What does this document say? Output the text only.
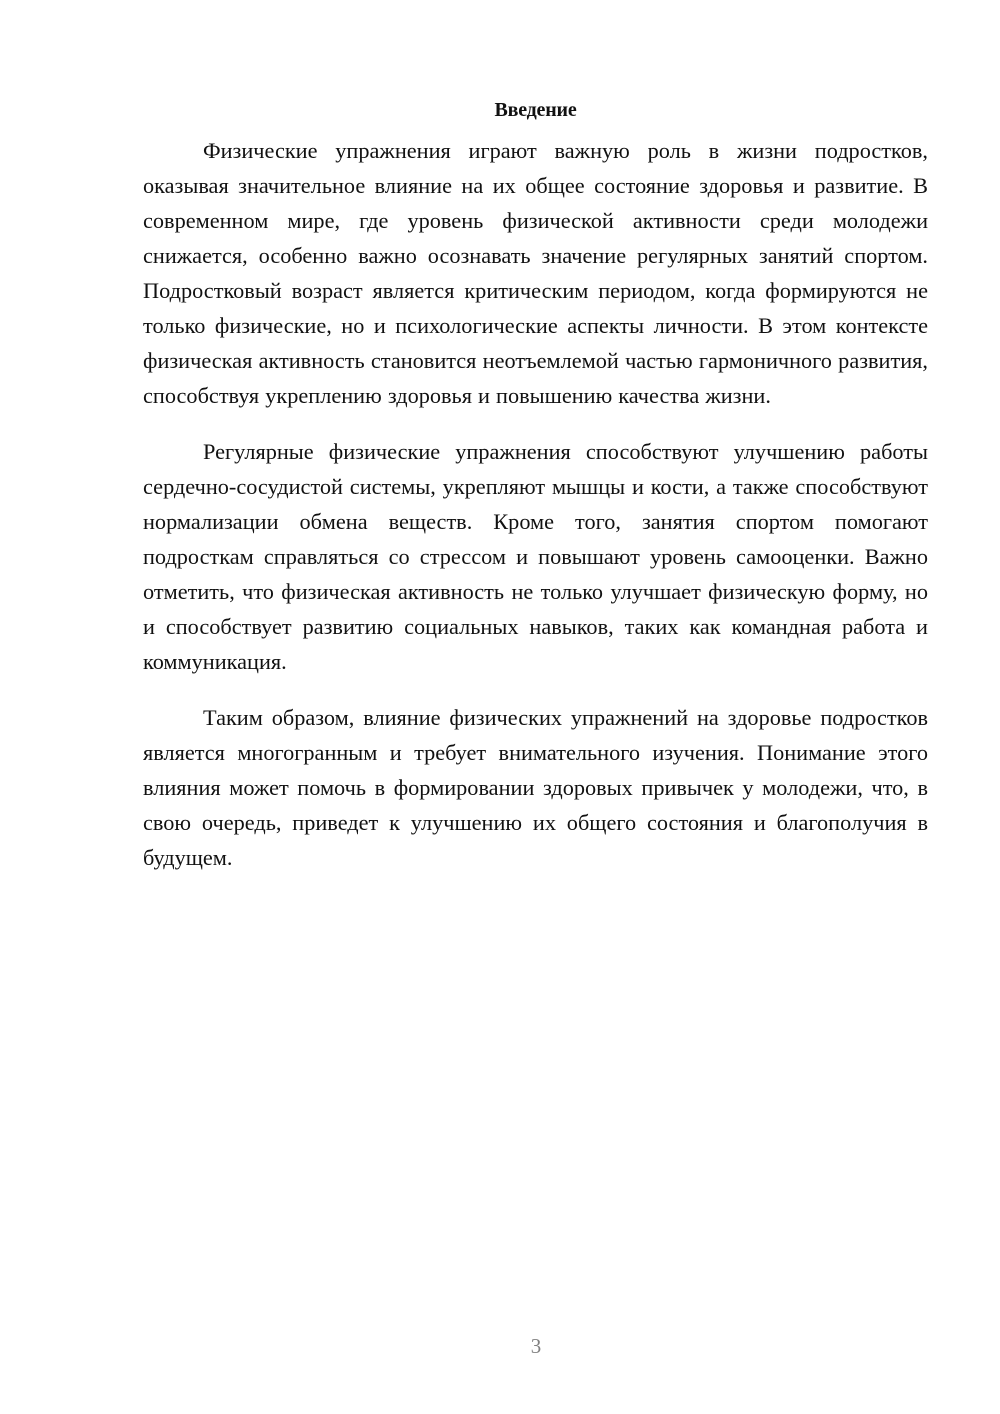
Введение

Физические упражнения играют важную роль в жизни подростков, оказывая значительное влияние на их общее состояние здоровья и развитие. В современном мире, где уровень физической активности среди молодежи снижается, особенно важно осознавать значение регулярных занятий спортом. Подростковый возраст является критическим периодом, когда формируются не только физические, но и психологические аспекты личности. В этом контексте физическая активность становится неотъемлемой частью гармоничного развития, способствуя укреплению здоровья и повышению качества жизни.

Регулярные физические упражнения способствуют улучшению работы сердечно-сосудистой системы, укрепляют мышцы и кости, а также способствуют нормализации обмена веществ. Кроме того, занятия спортом помогают подросткам справляться со стрессом и повышают уровень самооценки. Важно отметить, что физическая активность не только улучшает физическую форму, но и способствует развитию социальных навыков, таких как командная работа и коммуникация.

Таким образом, влияние физических упражнений на здоровье подростков является многогранным и требует внимательного изучения. Понимание этого влияния может помочь в формировании здоровых привычек у молодежи, что, в свою очередь, приведет к улучшению их общего состояния и благополучия в будущем.

3
